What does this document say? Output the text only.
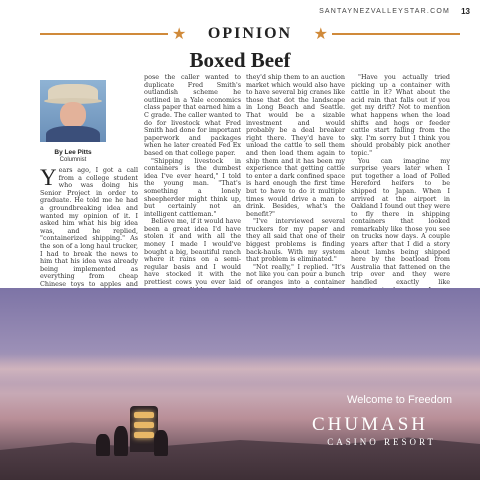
SANTAYNEZVALLEYSTAR.COM 13
★	OPINION	★
Boxed Beef
By Lee Pitts
Columnist

Years ago, I got a call from a college student who was doing his Senior Project in order to graduate. He told me he had a groundbreaking idea and wanted my opinion of it. I asked him what his big idea was, and he replied, "containerized shipping." As the son of a long haul trucker, I had to break the news to him that his idea was already being implemented as everything from cheap Chinese toys to apples and

pose the caller wanted to duplicate Fred Smith's outlandish scheme he outlined in a Yale economics class paper that earned him a C grade. The caller wanted to do for livestock what Fred Smith had done for important paperwork and packages when he later created Fed Ex based on that college paper.

"Shipping livestock in containers is the dumbest idea I've ever heard," I told the young man. "That's something a lonely sheepherder might think up, but certainly not an intelligent cattleman."

Believe me, if it would have been a great idea I'd have stolen it and with all the money I made I would've bought a big, beautiful ranch where it rains on a semi-regular basis and I would have stocked it with the prettiest cows you ever laid

they'd ship them to an auction market which would also have to have several big cranes like those that dot the landscape in Long Beach and Seattle. That would be a sizable investment and would probably be a deal breaker right there. They'd have to unload the cattle to sell them and then load them again to ship them and it has been my experience that getting cattle to enter a dark confined space is hard enough the first time but to have to do it multiple times would drive a man to drink. Besides, what's the benefit?"

"I've interviewed several truckers for my paper and they all said that one of their biggest problems is finding back-hauls. With my system that problem is eliminated."

"Not really," I replied. "It's not like you can pour a bunch of oranges into a container

"Have you actually tried picking up a container with cattle in it? What about the acid rain that falls out if you get my drift? Not to mention what happens when the load shifts and hogs or feeder cattle start falling from the sky. I'm sorry but I think you should probably pick another topic."

You can imagine my surprise years later when I put together a load of Polled Hereford heifers to be shipped to Japan. When I arrived at the airport in Oakland I found out they were to fly there in shipping containers that looked remarkably like those you see on trucks now days. A couple years after that I did a story about lambs being shipped here by the boatload from Australia that fattened on the trip over and they were handled exactly like

Welcome to Freedom
CHUMASH
CASINO RESORT
